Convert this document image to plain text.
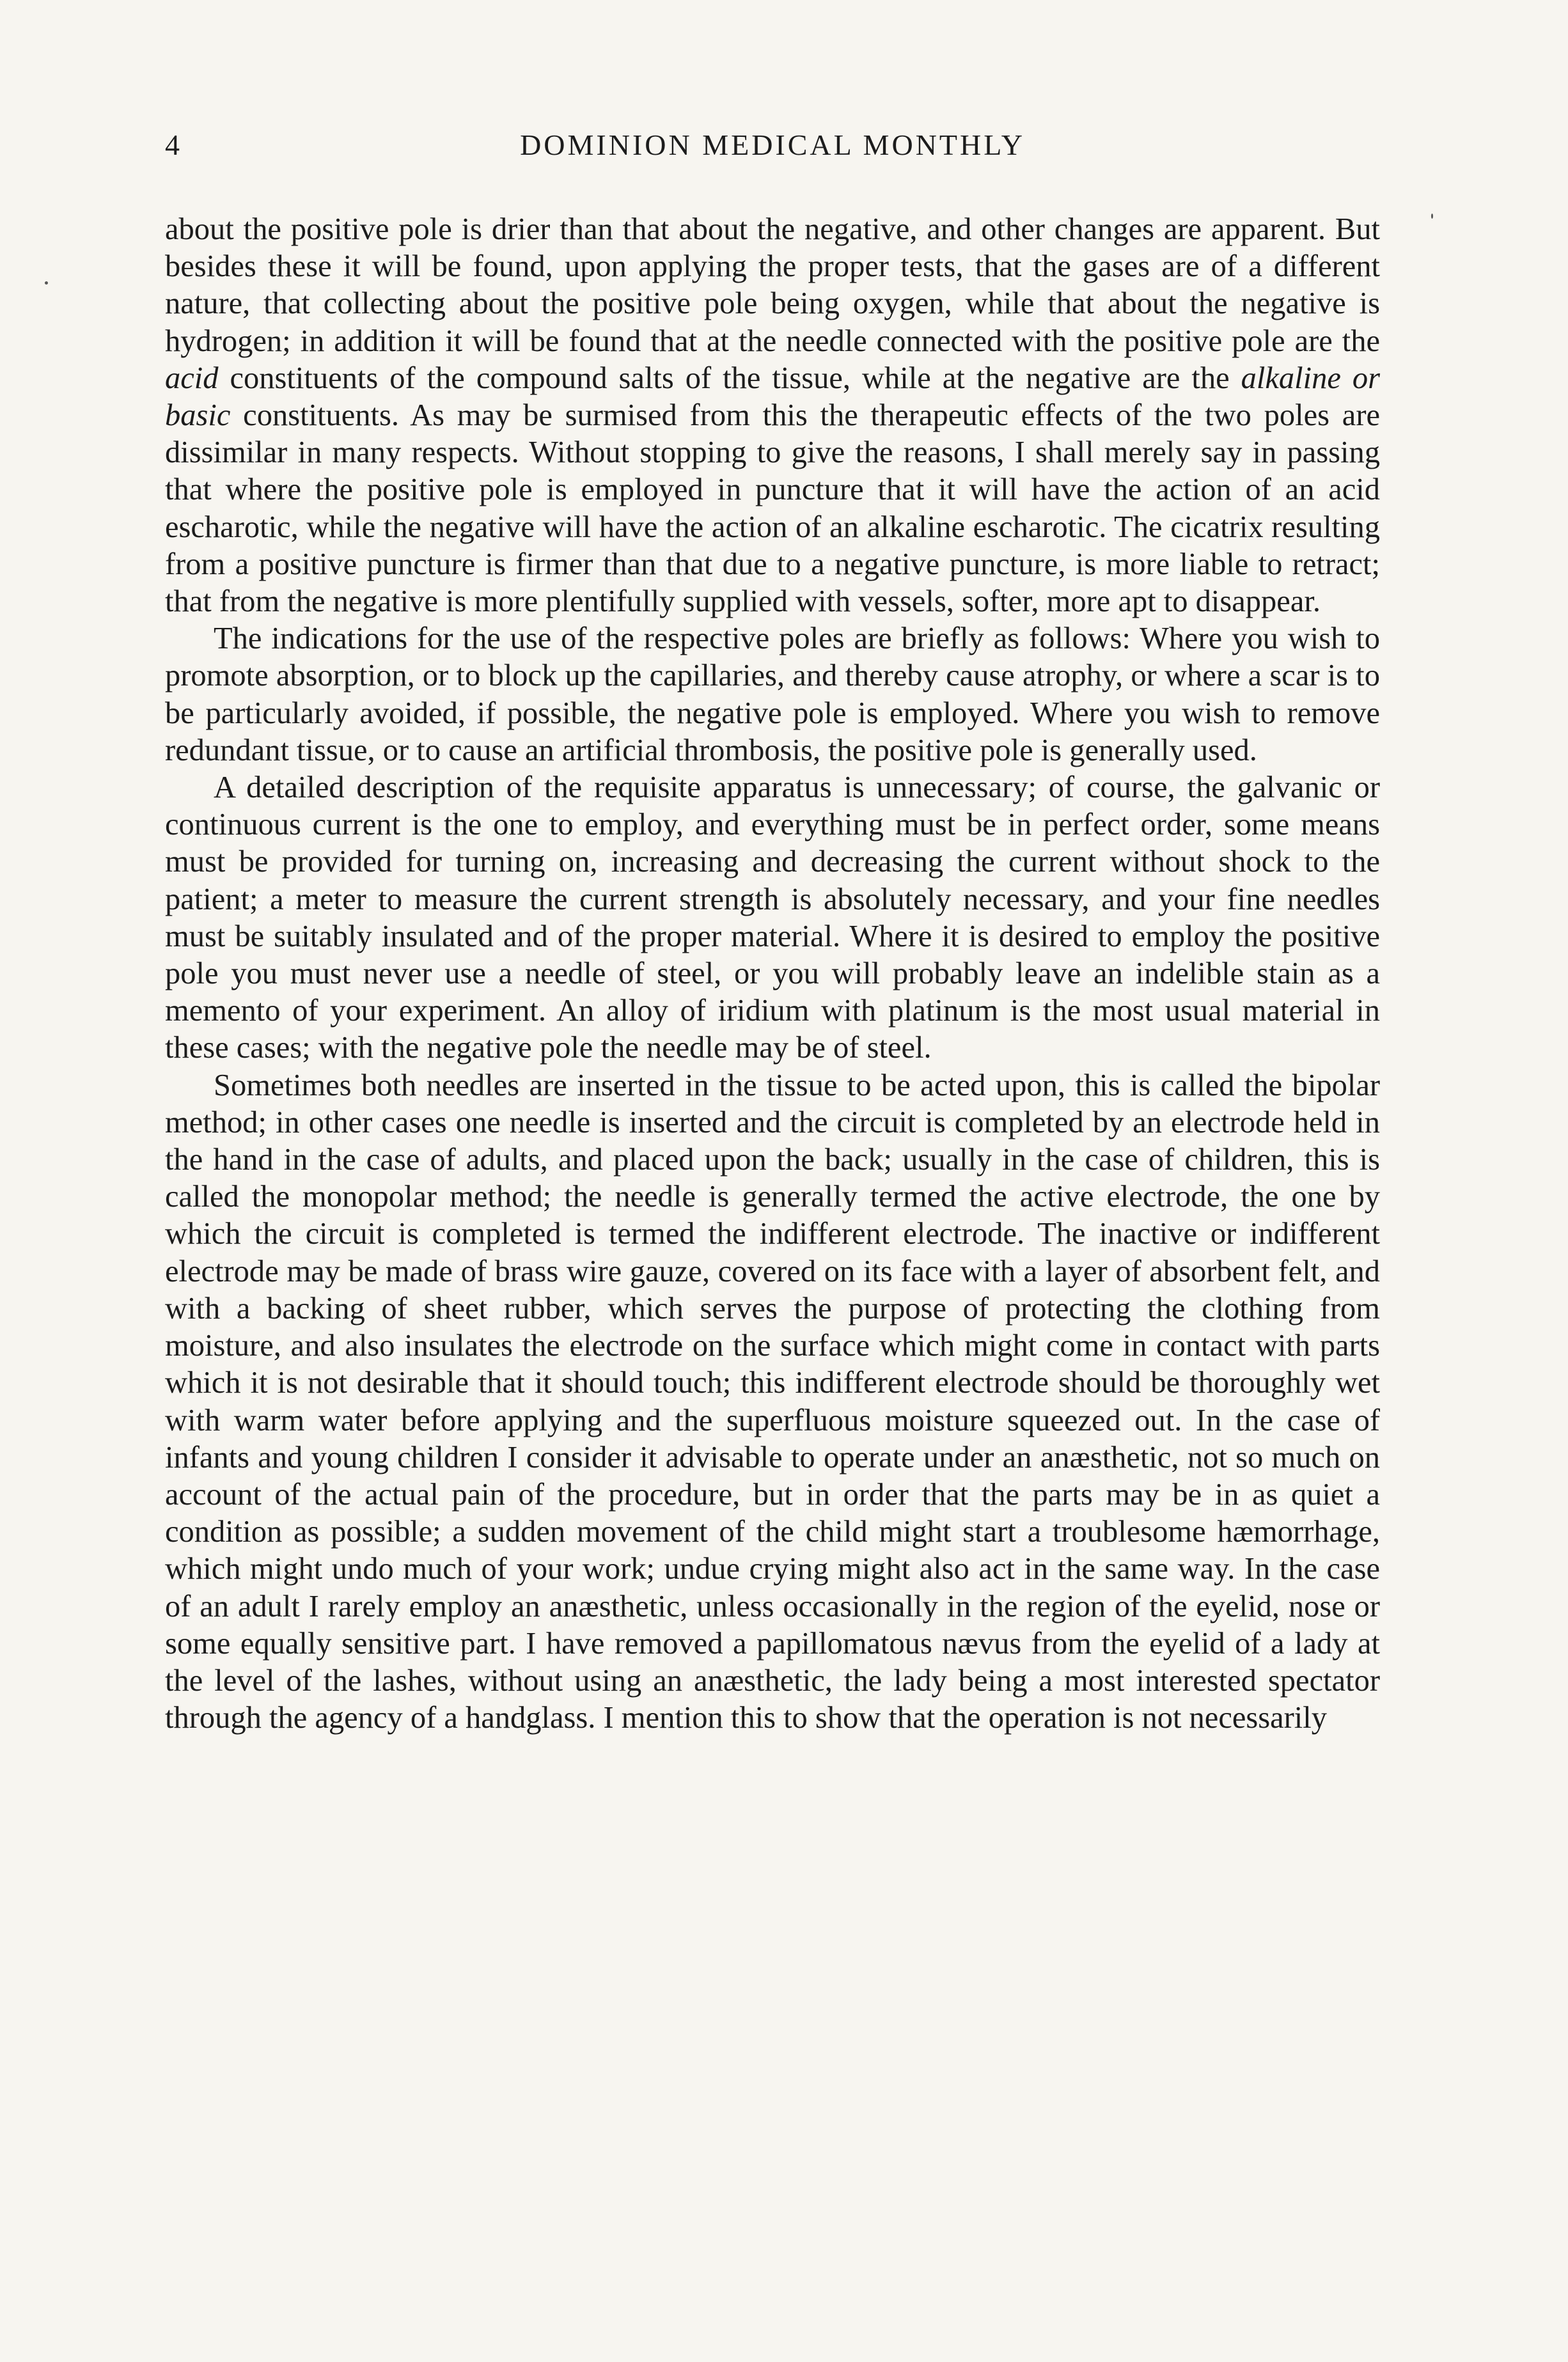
4	DOMINION MEDICAL MONTHLY

about the positive pole is drier than that about the negative, and other changes are apparent. But besides these it will be found, upon applying the proper tests, that the gases are of a different nature, that collecting about the positive pole being oxygen, while that about the negative is hydrogen; in addition it will be found that at the needle connected with the positive pole are the acid constituents of the compound salts of the tissue, while at the negative are the alkaline or basic constituents. As may be surmised from this the therapeutic effects of the two poles are dissimilar in many respects. Without stopping to give the reasons, I shall merely say in passing that where the positive pole is employed in puncture that it will have the action of an acid escharotic, while the negative will have the action of an alkaline escharotic. The cicatrix resulting from a positive puncture is firmer than that due to a negative puncture, is more liable to retract; that from the negative is more plentifully supplied with vessels, softer, more apt to disappear.

The indications for the use of the respective poles are briefly as follows: Where you wish to promote absorption, or to block up the capillaries, and thereby cause atrophy, or where a scar is to be particularly avoided, if possible, the negative pole is employed. Where you wish to remove redundant tissue, or to cause an artificial thrombosis, the positive pole is generally used.

A detailed description of the requisite apparatus is unnecessary; of course, the galvanic or continuous current is the one to employ, and everything must be in perfect order, some means must be provided for turning on, increasing and decreasing the current without shock to the patient; a meter to measure the current strength is absolutely necessary, and your fine needles must be suitably insulated and of the proper material. Where it is desired to employ the positive pole you must never use a needle of steel, or you will probably leave an indelible stain as a memento of your experiment. An alloy of iridium with platinum is the most usual material in these cases; with the negative pole the needle may be of steel.

Sometimes both needles are inserted in the tissue to be acted upon, this is called the bipolar method; in other cases one needle is inserted and the circuit is completed by an electrode held in the hand in the case of adults, and placed upon the back; usually in the case of children, this is called the monopolar method; the needle is generally termed the active electrode, the one by which the circuit is completed is termed the indifferent electrode. The inactive or indifferent electrode may be made of brass wire gauze, covered on its face with a layer of absorbent felt, and with a backing of sheet rubber, which serves the purpose of protecting the clothing from moisture, and also insulates the electrode on the surface which might come in contact with parts which it is not desirable that it should touch; this indifferent electrode should be thoroughly wet with warm water before applying and the superfluous moisture squeezed out. In the case of infants and young children I consider it advisable to operate under an anæsthetic, not so much on account of the actual pain of the procedure, but in order that the parts may be in as quiet a condition as possible; a sudden movement of the child might start a troublesome hæmorrhage, which might undo much of your work; undue crying might also act in the same way. In the case of an adult I rarely employ an anæsthetic, unless occasionally in the region of the eyelid, nose or some equally sensitive part. I have removed a papillomatous nævus from the eyelid of a lady at the level of the lashes, without using an anæsthetic, the lady being a most interested spectator through the agency of a handglass. I mention this to show that the operation is not necessarily
